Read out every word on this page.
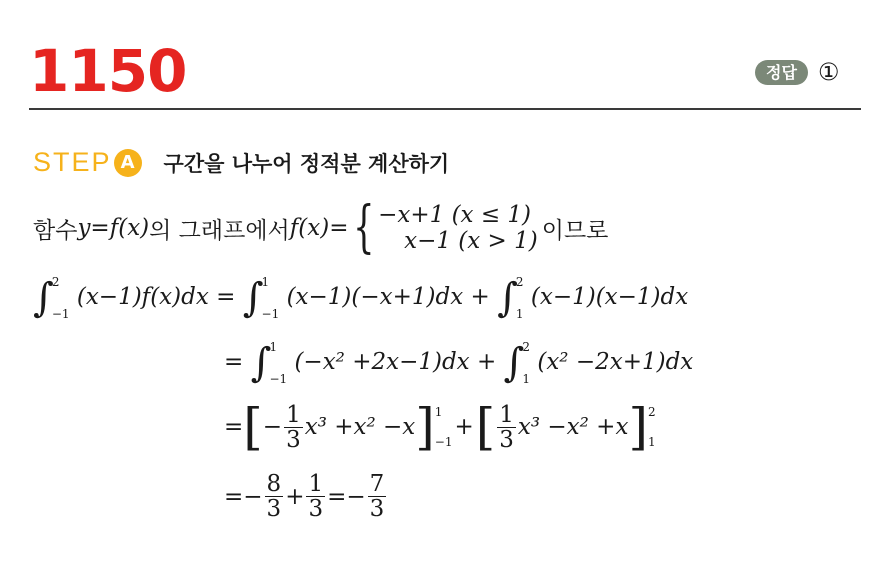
1150	정답 ①
STEP A	구간을 나누어 정적분 계산하기
함수 y=f(x) 의 그래프에서 f(x)= { −x+1 (x ≤ 1)
x−1 (x > 1) 이므로
∫
2
−1
(x−1)f(x)dx = ∫
1
−1
(x−1)(−x+1)dx + ∫
2
1
(x−1)(x−1)dx
= ∫
1
−1
(−x² +2x−1)dx + ∫
2
1
(x² −2x+1)dx
= [ − $\frac{1}{3} x^3 +x^2 -x$ ] 1
−1
+ [ $\frac{1}{3} x^3 -x^2 +x$ ] 2
1
=− $\frac{8}{3} + \frac{1}{3} =- \frac{7}{3}$
